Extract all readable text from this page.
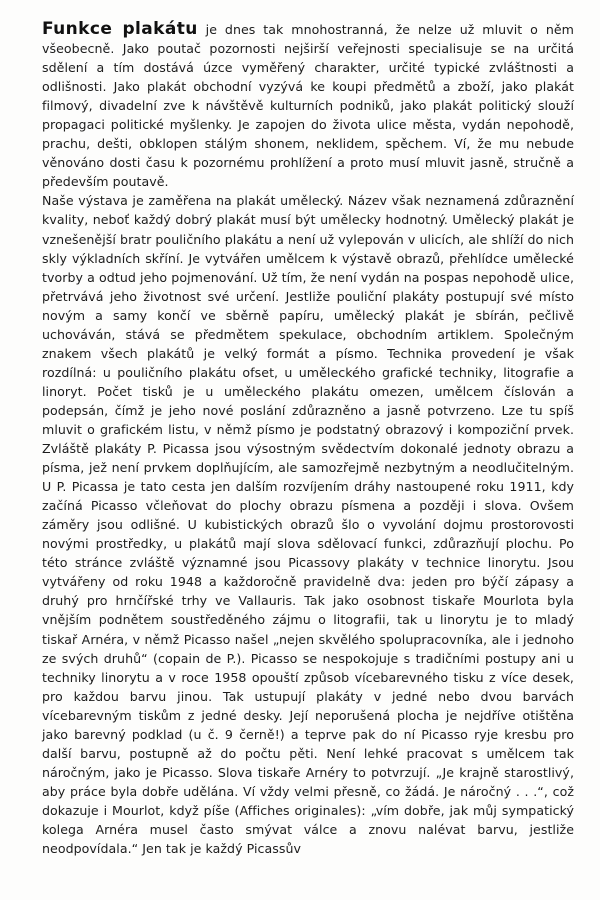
Funkce plakátu je dnes tak mnohostranná, že nelze už mluvit o něm všeobecně. Jako poutač pozornosti nejširší veřejnosti specialisuje se na určitá sdělení a tím dostává úzce vyměřený charakter, určité typické zvláštnosti a odlišnosti. Jako plakát obchodní vyzývá ke koupi předmětů a zboží, jako plakát filmový, divadelní zve k návštěvě kulturních podniků, jako plakát politický slouží propagaci politické myšlenky. Je zapojen do života ulice města, vydán nepohodě, prachu, dešti, obklopen stálým shonem, neklidem, spěchem. Ví, že mu nebude věnováno dosti času k pozornému prohlížení a proto musí mluvit jasně, stručně a především poutavě.

Naše výstava je zaměřena na plakát umělecký. Název však neznamená zdůraznění kvality, neboť každý dobrý plakát musí být umělecky hodnotný. Umělecký plakát je vznešenější bratr pouličního plakátu a není už vylepován v ulicích, ale shlíží do nich skly výkladních skříní. Je vytvářen umělcem k výstavě obrazů, přehlídce umělecké tvorby a odtud jeho pojmenování. Už tím, že není vydán na pospas nepohodě ulice, přetrvává jeho životnost své určení. Jestliže pouliční plakáty postupují své místo novým a samy končí ve sběrně papíru, umělecký plakát je sbírán, pečlivě uchováván, stává se předmětem spekulace, obchodním artiklem. Společným znakem všech plakátů je velký formát a písmo. Technika provedení je však rozdílná: u pouličního plakátu ofset, u uměleckého grafické techniky, litografie a linoryt. Počet tisků je u uměleckého plakátu omezen, umělcem číslován a podepsán, čímž je jeho nové poslání zdůrazněno a jasně potvrzeno. Lze tu spíš mluvit o grafickém listu, v němž písmo je podstatný obrazový i kompoziční prvek. Zvláště plakáty P. Picassa jsou výsostným svědectvím dokonalé jednoty obrazu a písma, jež není prvkem doplňujícím, ale samozřejmě nezbytným a neodlučitelným. U P. Picassa je tato cesta jen dalším rozvíjením dráhy nastoupené roku 1911, kdy začíná Picasso včleňovat do plochy obrazu písmena a později i slova. Ovšem záměry jsou odlišné. U kubistických obrazů šlo o vyvolání dojmu prostorovosti novými prostředky, u plakátů mají slova sdělovací funkci, zdůrazňují plochu. Po této stránce zvláště významné jsou Picassovy plakáty v technice linorytu. Jsou vytvářeny od roku 1948 a každoročně pravidelně dva: jeden pro býčí zápasy a druhý pro hrnčířské trhy ve Vallauris. Tak jako osobnost tiskaře Mourlota byla vnějším podnětem soustředěného zájmu o litografii, tak u linorytu je to mladý tiskař Arnéra, v němž Picasso našel „nejen skvělého spolupracovníka, ale i jednoho ze svých druhů“ (copain de P.). Picasso se nespokojuje s tradičními postupy ani u techniky linorytu a v roce 1958 opouští způsob vícebarevného tisku z více desek, pro každou barvu jinou. Tak ustupují plakáty v jedné nebo dvou barvách vícebarevným tiskům z jedné desky. Její neporušená plocha je nejdříve otištěna jako barevný podklad (u č. 9 černě!) a teprve pak do ní Picasso ryje kresbu pro další barvu, postupně až do počtu pěti. Není lehké pracovat s umělcem tak náročným, jako je Picasso. Slova tiskaře Arnéry to potvrzují. „Je krajně starostlivý, aby práce byla dobře udělána. Ví vždy velmi přesně, co žádá. Je náročný . . .“, což dokazuje i Mourlot, když píše (Affiches originales): „vím dobře, jak můj sympatický kolega Arnéra musel často smývat válce a znovu nalévat barvu, jestliže neodpovídala.“ Jen tak je každý Picassův
